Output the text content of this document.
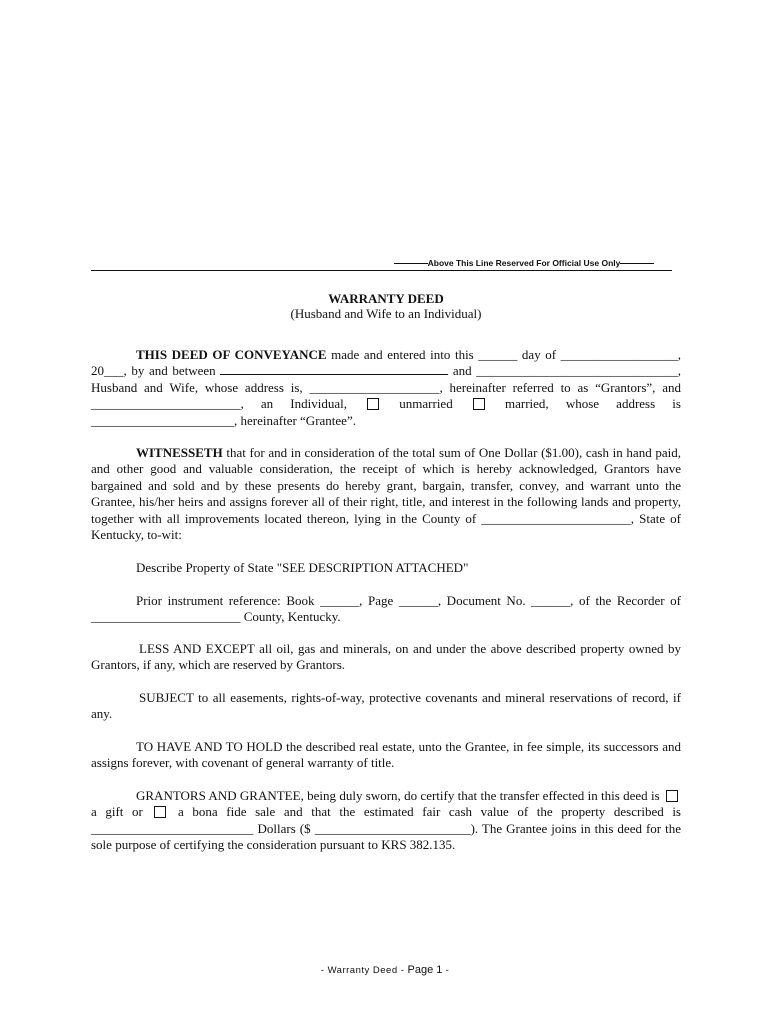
Above This Line Reserved For Official Use Only
WARRANTY DEED
(Husband and Wife to an Individual)
THIS DEED OF CONVEYANCE made and entered into this ______ day of __________________, 20___, by and between	and _______________________________, Husband and Wife, whose address is, ____________________, hereinafter referred to as “Grantors”, and _______________________, an Individual,  unmarried  married, whose address is ______________________, hereinafter “Grantee”.
WITNESSETH that for and in consideration of the total sum of One Dollar ($1.00), cash in hand paid, and other good and valuable consideration, the receipt of which is hereby acknowledged, Grantors have bargained and sold and by these presents do hereby grant, bargain, transfer, convey, and warrant unto the Grantee, his/her heirs and assigns forever all of their right, title, and interest in the following lands and property, together with all improvements located thereon, lying in the County of _______________________, State of Kentucky, to-wit:
Describe Property of State "SEE DESCRIPTION ATTACHED"
Prior instrument reference: Book ______, Page ______, Document No. ______, of the Recorder of _______________________ County, Kentucky.
LESS AND EXCEPT all oil, gas and minerals, on and under the above described property owned by Grantors, if any, which are reserved by Grantors.
SUBJECT to all easements, rights-of-way, protective covenants and mineral reservations of record, if any.
TO HAVE AND TO HOLD the described real estate, unto the Grantee, in fee simple, its successors and assigns forever, with covenant of general warranty of title.
GRANTORS AND GRANTEE, being duly sworn, do certify that the transfer effected in this deed is  a gift or  a bona fide sale and that the estimated fair cash value of the property described is _________________________ Dollars ($ ________________________). The Grantee joins in this deed for the sole purpose of certifying the consideration pursuant to KRS 382.135.
- Warranty Deed - Page 1 -
